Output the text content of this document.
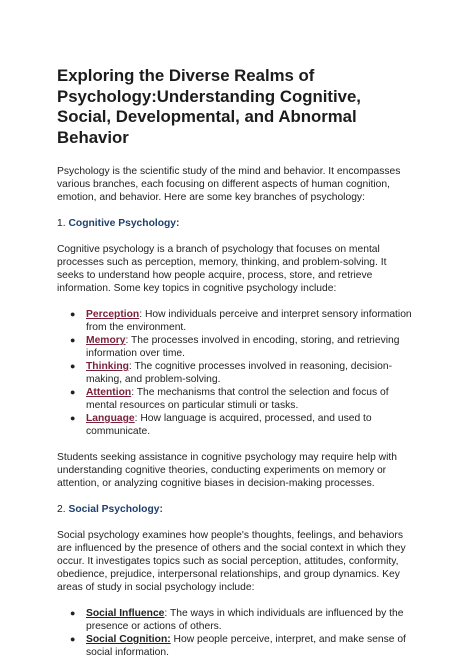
Exploring the Diverse Realms of Psychology:Understanding Cognitive, Social, Developmental, and Abnormal Behavior

Psychology is the scientific study of the mind and behavior. It encompasses various branches, each focusing on different aspects of human cognition, emotion, and behavior. Here are some key branches of psychology:

1. Cognitive Psychology:

Cognitive psychology is a branch of psychology that focuses on mental processes such as perception, memory, thinking, and problem-solving. It seeks to understand how people acquire, process, store, and retrieve information. Some key topics in cognitive psychology include:

● Perception: How individuals perceive and interpret sensory information from the environment.
● Memory: The processes involved in encoding, storing, and retrieving information over time.
● Thinking: The cognitive processes involved in reasoning, decision-making, and problem-solving.
● Attention: The mechanisms that control the selection and focus of mental resources on particular stimuli or tasks.
● Language: How language is acquired, processed, and used to communicate.

Students seeking assistance in cognitive psychology may require help with understanding cognitive theories, conducting experiments on memory or attention, or analyzing cognitive biases in decision-making processes.

2. Social Psychology:

Social psychology examines how people's thoughts, feelings, and behaviors are influenced by the presence of others and the social context in which they occur. It investigates topics such as social perception, attitudes, conformity, obedience, prejudice, interpersonal relationships, and group dynamics. Key areas of study in social psychology include:

● Social Influence: The ways in which individuals are influenced by the presence or actions of others.
● Social Cognition: How people perceive, interpret, and make sense of social information.
